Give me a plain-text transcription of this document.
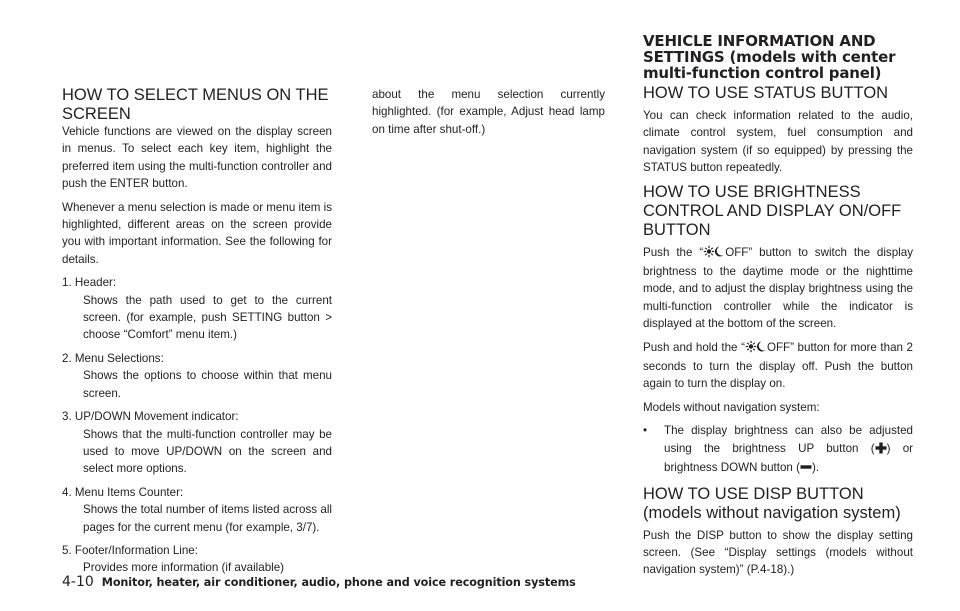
HOW TO SELECT MENUS ON THE SCREEN

Vehicle functions are viewed on the display screen in menus. To select each key item, highlight the preferred item using the multi-function controller and push the ENTER button.

Whenever a menu selection is made or menu item is highlighted, different areas on the screen provide you with important information. See the following for details.

1. Header:
Shows the path used to get to the current screen. (for example, push SETTING button > choose “Comfort” menu item.)
2. Menu Selections:
Shows the options to choose within that menu screen.
3. UP/DOWN Movement indicator:
Shows that the multi-function controller may be used to move UP/DOWN on the screen and select more options.
4. Menu Items Counter:
Shows the total number of items listed across all pages for the current menu (for example, 3/7).
5. Footer/Information Line:
Provides more information (if available)

about the menu selection currently highlighted. (for example, Adjust head lamp on time after shut-off.)

VEHICLE INFORMATION AND SETTINGS (models with center multi-function control panel)
HOW TO USE STATUS BUTTON

You can check information related to the audio, climate control system, fuel consumption and navigation system (if so equipped) by pressing the STATUS button repeatedly.

HOW TO USE BRIGHTNESS CONTROL AND DISPLAY ON/OFF BUTTON

Push the “ OFF” button to switch the display brightness to the daytime mode or the nighttime mode, and to adjust the display brightness using the multi-function controller while the indicator is displayed at the bottom of the screen.

Push and hold the “ OFF” button for more than 2 seconds to turn the display off. Push the button again to turn the display on.

Models without navigation system:

• The display brightness can also be adjusted using the brightness UP button ( ) or brightness DOWN button ( ).
HOW TO USE DISP BUTTON (models without navigation system)

Push the DISP button to show the display setting screen. (See “Display settings (models without navigation system)” (P.4-18).)

4-10 Monitor, heater, air conditioner, audio, phone and voice recognition systems
